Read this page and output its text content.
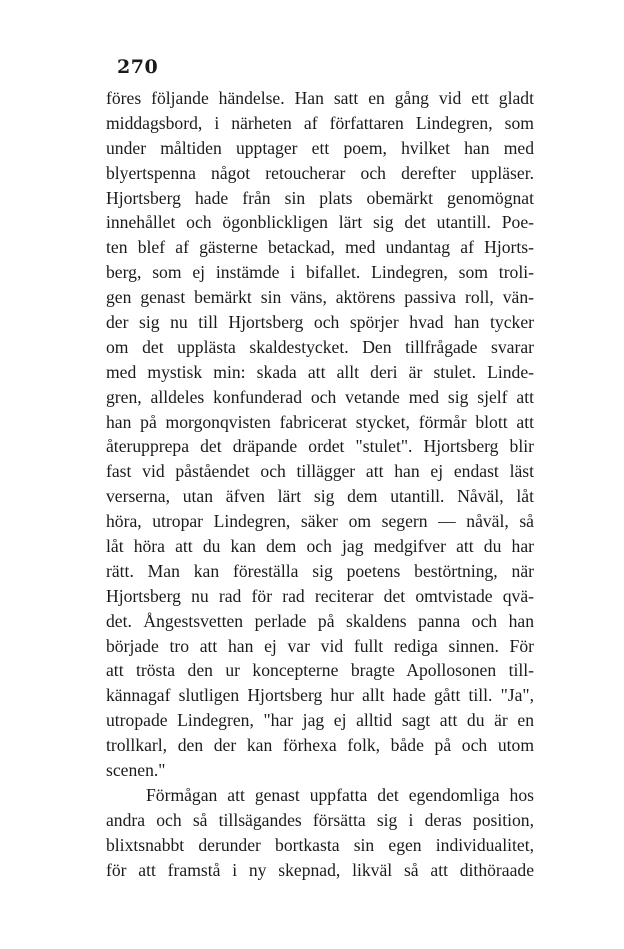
270
föres följande händelse. Han satt en gång vid ett gladt
middagsbord, i närheten af författaren Lindegren, som
under måltiden upptager ett poem, hvilket han med
blyertspenna något retoucherar och derefter uppläser.
Hjortsberg hade från sin plats obemärkt genomögnat
innehållet och ögonblickligen lärt sig det utantill. Poe-
ten blef af gästerne betackad, med undantag af Hjorts-
berg, som ej instämde i bifallet. Lindegren, som troli-
gen genast bemärkt sin väns, aktörens passiva roll, vän-
der sig nu till Hjortsberg och spörjer hvad han tycker
om det upplästa skaldestycket. Den tillfrågade svarar
med mystisk min: skada att allt deri är stulet. Linde-
gren, alldeles konfunderad och vetande med sig sjelf att
han på morgonqvisten fabricerat stycket, förmår blott att
återupprepa det dräpande ordet "stulet". Hjortsberg blir
fast vid påståendet och tillägger att han ej endast läst
verserna, utan äfven lärt sig dem utantill. Nåväl, låt
höra, utropar Lindegren, säker om segern — nåväl, så
låt höra att du kan dem och jag medgifver att du har
rätt. Man kan föreställa sig poetens bestörtning, när
Hjortsberg nu rad för rad reciterar det omtvistade qvä-
det. Ångestsvetten perlade på skaldens panna och han
började tro att han ej var vid fullt rediga sinnen. För
att trösta den ur koncepterne bragte Apollosonen till-
kännagaf slutligen Hjortsberg hur allt hade gått till. "Ja",
utropade Lindegren, "har jag ej alltid sagt att du är en
trollkarl, den der kan förhexa folk, både på och utom
scenen."
Förmågan att genast uppfatta det egendomliga hos
andra och så tillsägandes försätta sig i deras position,
blixtsnabbt derunder bortkasta sin egen individualitet,
för att framstå i ny skepnad, likväl så att dithöraade
